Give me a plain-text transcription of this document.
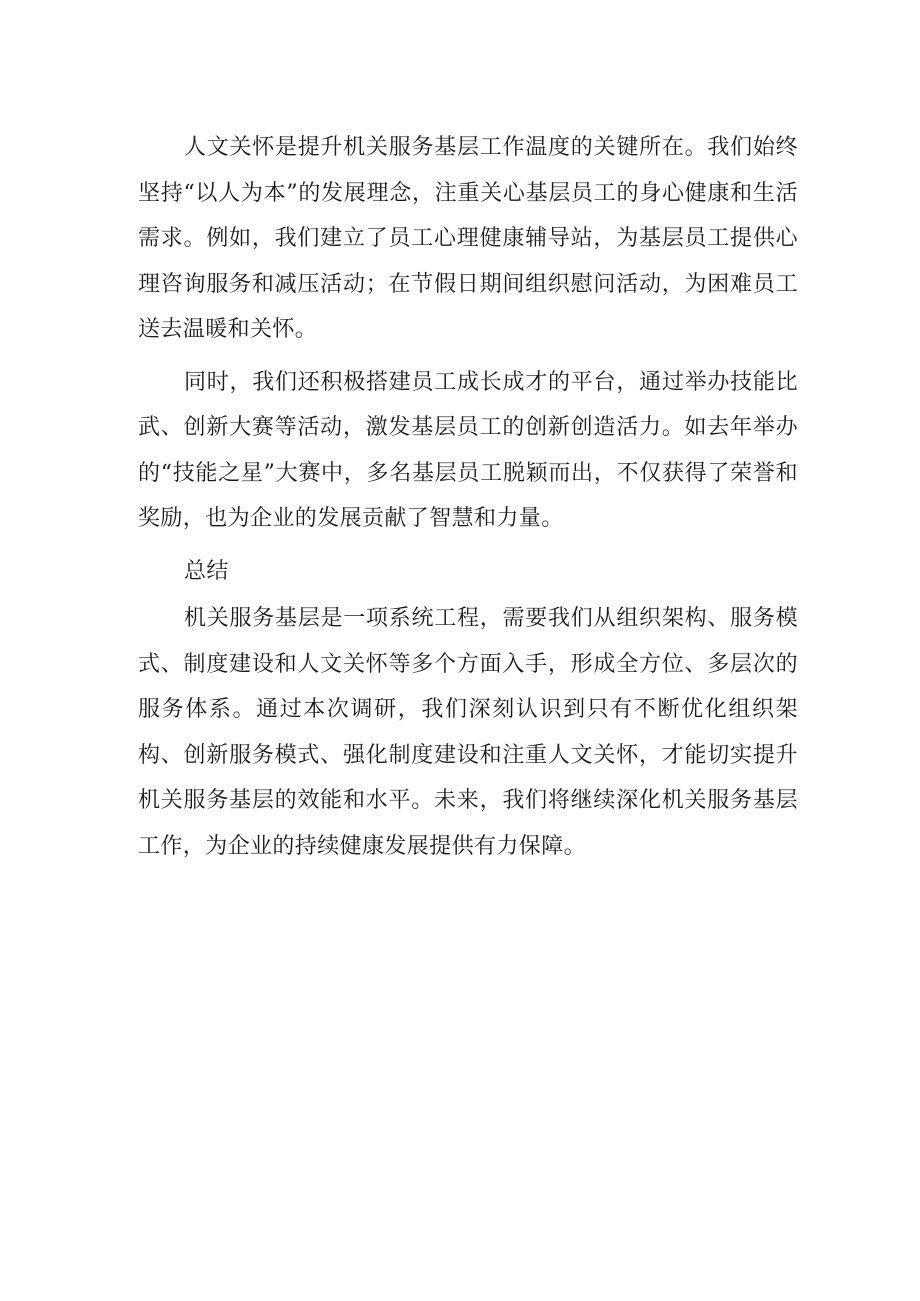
人文关怀是提升机关服务基层工作温度的关键所在。我们始终坚持“以人为本”的发展理念，注重关心基层员工的身心健康和生活需求。例如，我们建立了员工心理健康辅导站，为基层员工提供心理咨询服务和减压活动；在节假日期间组织慰问活动，为困难员工送去温暖和关怀。

同时，我们还积极搭建员工成长成才的平台，通过举办技能比武、创新大赛等活动，激发基层员工的创新创造活力。如去年举办的“技能之星”大赛中，多名基层员工脱颖而出，不仅获得了荣誉和奖励，也为企业的发展贡献了智慧和力量。

总结

机关服务基层是一项系统工程，需要我们从组织架构、服务模式、制度建设和人文关怀等多个方面入手，形成全方位、多层次的服务体系。通过本次调研，我们深刻认识到只有不断优化组织架构、创新服务模式、强化制度建设和注重人文关怀，才能切实提升机关服务基层的效能和水平。未来，我们将继续深化机关服务基层工作，为企业的持续健康发展提供有力保障。
